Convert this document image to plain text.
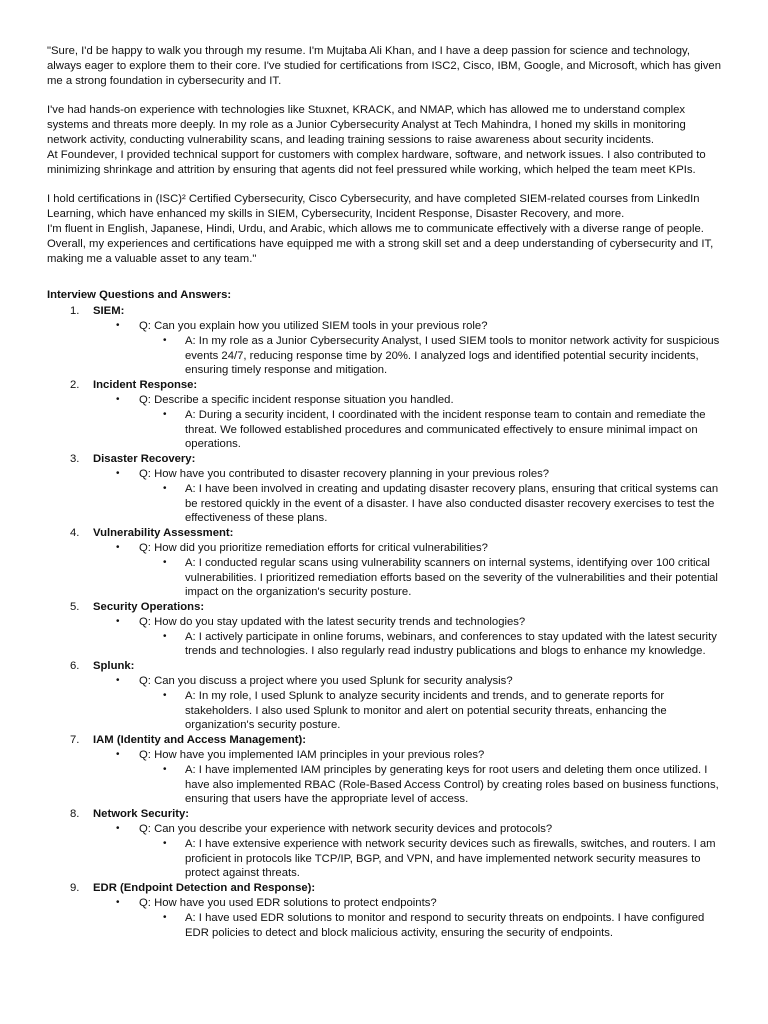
"Sure, I'd be happy to walk you through my resume. I'm Mujtaba Ali Khan, and I have a deep passion for science and technology, always eager to explore them to their core. I've studied for certifications from ISC2, Cisco, IBM, Google, and Microsoft, which has given me a strong foundation in cybersecurity and IT.
I've had hands-on experience with technologies like Stuxnet, KRACK, and NMAP, which has allowed me to understand complex systems and threats more deeply. In my role as a Junior Cybersecurity Analyst at Tech Mahindra, I honed my skills in monitoring network activity, conducting vulnerability scans, and leading training sessions to raise awareness about security incidents.
At Foundever, I provided technical support for customers with complex hardware, software, and network issues. I also contributed to minimizing shrinkage and attrition by ensuring that agents did not feel pressured while working, which helped the team meet KPIs.
I hold certifications in (ISC)² Certified Cybersecurity, Cisco Cybersecurity, and have completed SIEM-related courses from LinkedIn Learning, which have enhanced my skills in SIEM, Cybersecurity, Incident Response, Disaster Recovery, and more.
I'm fluent in English, Japanese, Hindi, Urdu, and Arabic, which allows me to communicate effectively with a diverse range of people. Overall, my experiences and certifications have equipped me with a strong skill set and a deep understanding of cybersecurity and IT, making me a valuable asset to any team."
Interview Questions and Answers:
1. SIEM:
• Q: Can you explain how you utilized SIEM tools in your previous role?
• A: In my role as a Junior Cybersecurity Analyst, I used SIEM tools to monitor network activity for suspicious events 24/7, reducing response time by 20%. I analyzed logs and identified potential security incidents, ensuring timely response and mitigation.
2. Incident Response:
• Q: Describe a specific incident response situation you handled.
• A: During a security incident, I coordinated with the incident response team to contain and remediate the threat. We followed established procedures and communicated effectively to ensure minimal impact on operations.
3. Disaster Recovery:
• Q: How have you contributed to disaster recovery planning in your previous roles?
• A: I have been involved in creating and updating disaster recovery plans, ensuring that critical systems can be restored quickly in the event of a disaster. I have also conducted disaster recovery exercises to test the effectiveness of these plans.
4. Vulnerability Assessment:
• Q: How did you prioritize remediation efforts for critical vulnerabilities?
• A: I conducted regular scans using vulnerability scanners on internal systems, identifying over 100 critical vulnerabilities. I prioritized remediation efforts based on the severity of the vulnerabilities and their potential impact on the organization's security posture.
5. Security Operations:
• Q: How do you stay updated with the latest security trends and technologies?
• A: I actively participate in online forums, webinars, and conferences to stay updated with the latest security trends and technologies. I also regularly read industry publications and blogs to enhance my knowledge.
6. Splunk:
• Q: Can you discuss a project where you used Splunk for security analysis?
• A: In my role, I used Splunk to analyze security incidents and trends, and to generate reports for stakeholders. I also used Splunk to monitor and alert on potential security threats, enhancing the organization's security posture.
7. IAM (Identity and Access Management):
• Q: How have you implemented IAM principles in your previous roles?
• A: I have implemented IAM principles by generating keys for root users and deleting them once utilized. I have also implemented RBAC (Role-Based Access Control) by creating roles based on business functions, ensuring that users have the appropriate level of access.
8. Network Security:
• Q: Can you describe your experience with network security devices and protocols?
• A: I have extensive experience with network security devices such as firewalls, switches, and routers. I am proficient in protocols like TCP/IP, BGP, and VPN, and have implemented network security measures to protect against threats.
9. EDR (Endpoint Detection and Response):
• Q: How have you used EDR solutions to protect endpoints?
• A: I have used EDR solutions to monitor and respond to security threats on endpoints. I have configured EDR policies to detect and block malicious activity, ensuring the security of endpoints.
